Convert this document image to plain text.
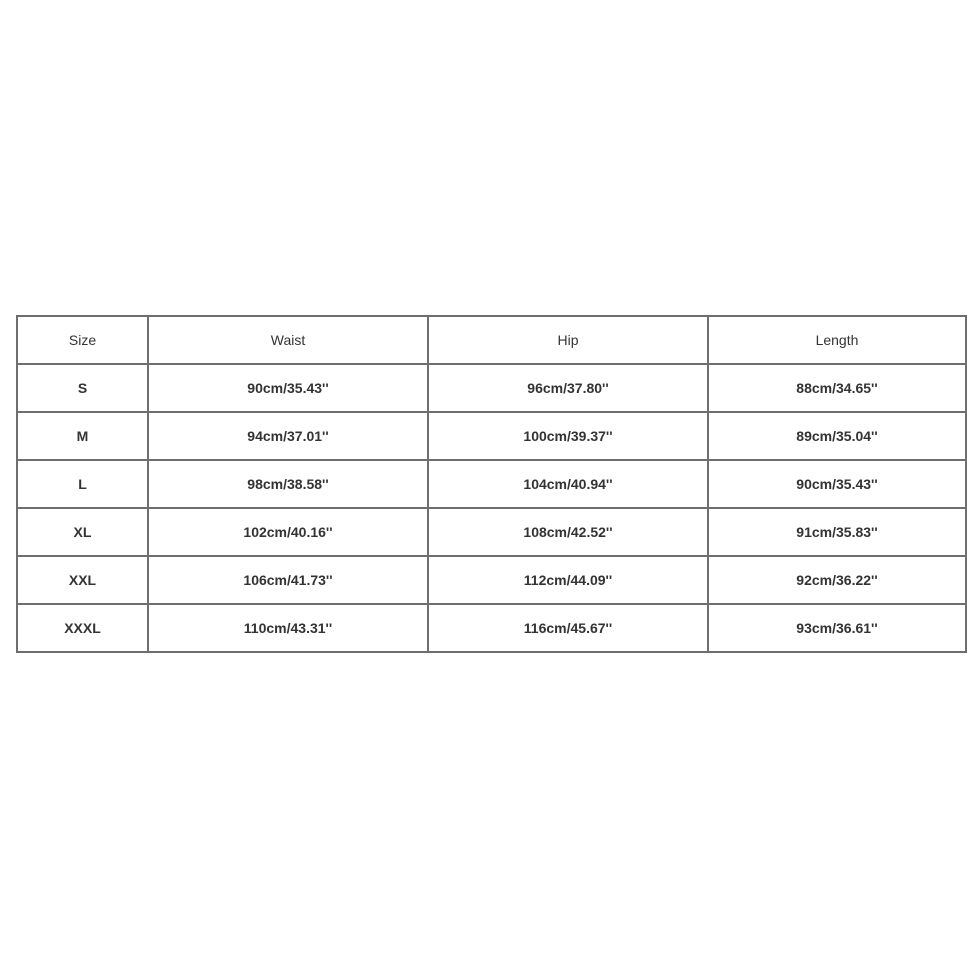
Size	Waist	Hip	Length
S	90cm/35.43''	96cm/37.80''	88cm/34.65''
M	94cm/37.01''	100cm/39.37''	89cm/35.04''
L	98cm/38.58''	104cm/40.94''	90cm/35.43''
XL	102cm/40.16''	108cm/42.52''	91cm/35.83''
XXL	106cm/41.73''	112cm/44.09''	92cm/36.22''
XXXL	110cm/43.31''	116cm/45.67''	93cm/36.61''
